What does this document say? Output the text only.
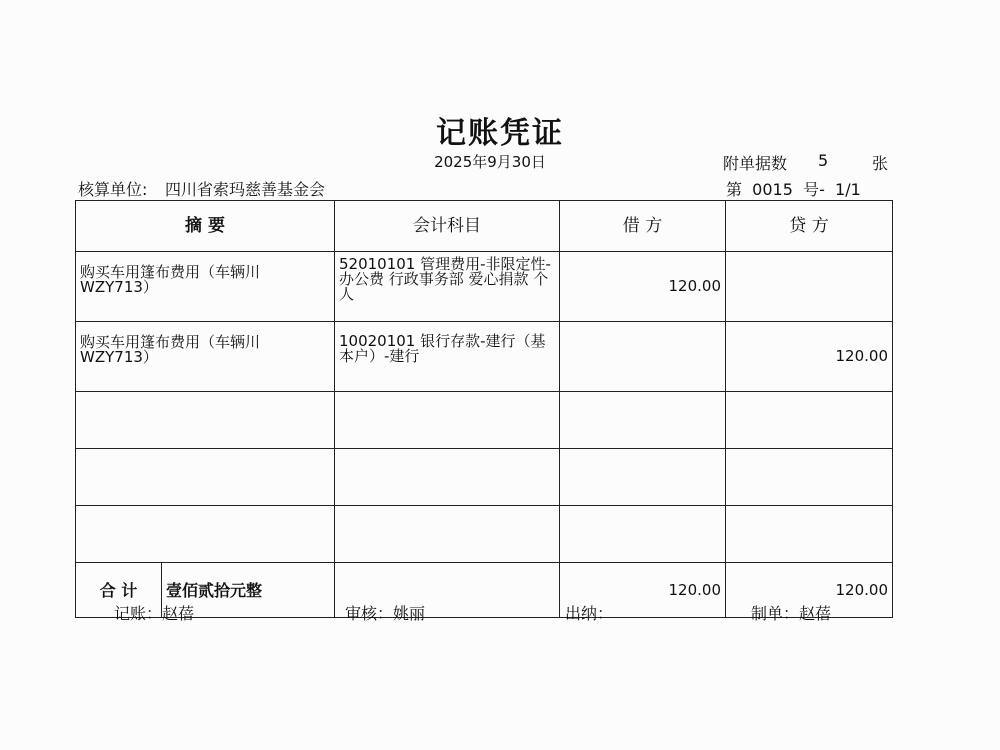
记账凭证
2025年9月30日	附单据数 5	张
核算单位: 四川省索玛慈善基金会	第  0015  号-  1/1
摘 要	会计科目	借 方	贷 方
购买车用篷布费用（车辆川WZY713）	52010101 管理费用-非限定性-办公费 行政事务部 爱心捐款 个人	120.00	
购买车用篷布费用（车辆川WZY713）	10020101 银行存款-建行（基本户）-建行		120.00

合 计 壹佰贰拾元整		120.00	120.00
记账：赵蓓	审核：姚丽	出纳：	制单：赵蓓
